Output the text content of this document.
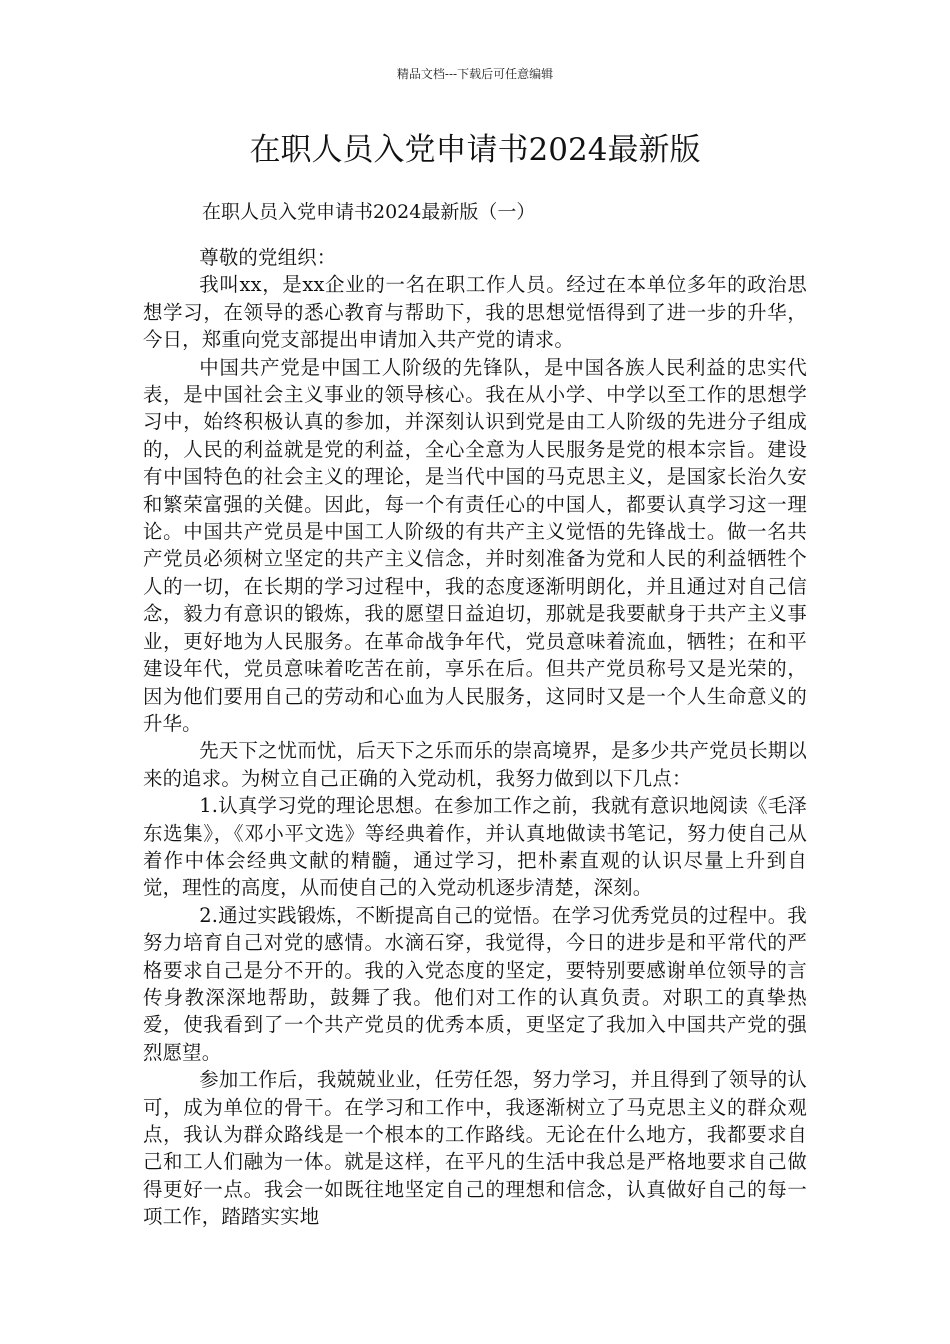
精品文档---下载后可任意编辑
在职人员入党申请书2024最新版
在职人员入党申请书2024最新版（一）

尊敬的党组织：

我叫xx，是xx企业的一名在职工作人员。经过在本单位多年的政治思想学习，在领导的悉心教育与帮助下，我的思想觉悟得到了进一步的升华，今日，郑重向党支部提出申请加入共产党的请求。

中国共产党是中国工人阶级的先锋队，是中国各族人民利益的忠实代表，是中国社会主义事业的领导核心。我在从小学、中学以至工作的思想学习中，始终积极认真的参加，并深刻认识到党是由工人阶级的先进分子组成的，人民的利益就是党的利益，全心全意为人民服务是党的根本宗旨。建设有中国特色的社会主义的理论，是当代中国的马克思主义，是国家长治久安和繁荣富强的关健。因此，每一个有责任心的中国人，都要认真学习这一理论。中国共产党员是中国工人阶级的有共产主义觉悟的先锋战士。做一名共产党员必须树立坚定的共产主义信念，并时刻准备为党和人民的利益牺牲个人的一切，在长期的学习过程中，我的态度逐渐明朗化，并且通过对自己信念，毅力有意识的锻炼，我的愿望日益迫切，那就是我要献身于共产主义事业，更好地为人民服务。在革命战争年代，党员意味着流血，牺牲；在和平建设年代，党员意味着吃苦在前，享乐在后。但共产党员称号又是光荣的，因为他们要用自己的劳动和心血为人民服务，这同时又是一个人生命意义的升华。

先天下之忧而忧，后天下之乐而乐的崇高境界，是多少共产党员长期以来的追求。为树立自己正确的入党动机，我努力做到以下几点：

1.认真学习党的理论思想。在参加工作之前，我就有意识地阅读《毛泽东选集》，《邓小平文选》等经典着作，并认真地做读书笔记，努力使自己从着作中体会经典文献的精髓，通过学习，把朴素直观的认识尽量上升到自觉，理性的高度，从而使自己的入党动机逐步清楚，深刻。

2.通过实践锻炼，不断提高自己的觉悟。在学习优秀党员的过程中。我努力培育自己对党的感情。水滴石穿，我觉得，今日的进步是和平常代的严格要求自己是分不开的。我的入党态度的坚定，要特别要感谢单位领导的言传身教深深地帮助，鼓舞了我。他们对工作的认真负责。对职工的真挚热爱，使我看到了一个共产党员的优秀本质，更坚定了我加入中国共产党的强烈愿望。

参加工作后，我兢兢业业，任劳任怨，努力学习，并且得到了领导的认可，成为单位的骨干。在学习和工作中，我逐渐树立了马克思主义的群众观点，我认为群众路线是一个根本的工作路线。无论在什么地方，我都要求自己和工人们融为一体。就是这样，在平凡的生活中我总是严格地要求自己做得更好一点。我会一如既往地坚定自己的理想和信念，认真做好自己的每一项工作，踏踏实实地
